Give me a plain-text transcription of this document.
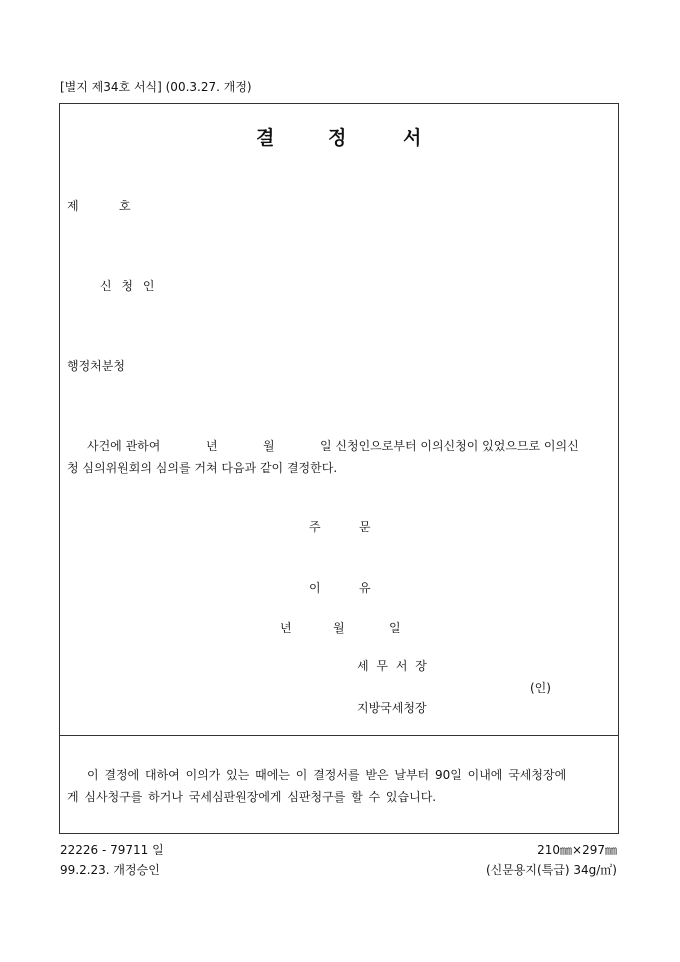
[별지 제34호 서식] (00.3.27. 개정)
결	정	서
제	호
신 청 인
행정처분청
사건에 관하여	년	월	일 신청인으로부터 이의신청이 있었으므로 이의신
청 심의위원회의 심의를 거쳐 다음과 같이 결정한다.
주	문
이	유
년	월	일
세 무 서 장
(인)
지방국세청장
이 결정에 대하여 이의가 있는 때에는 이 결정서를 받은 날부터 90일 이내에 국세청장에
게 심사청구를 하거나 국세심판원장에게 심판청구를 할 수 있습니다.
22226 - 79711 일
99.2.23. 개정승인
210㎜×297㎜
(신문용지(특급) 34g/㎡)
